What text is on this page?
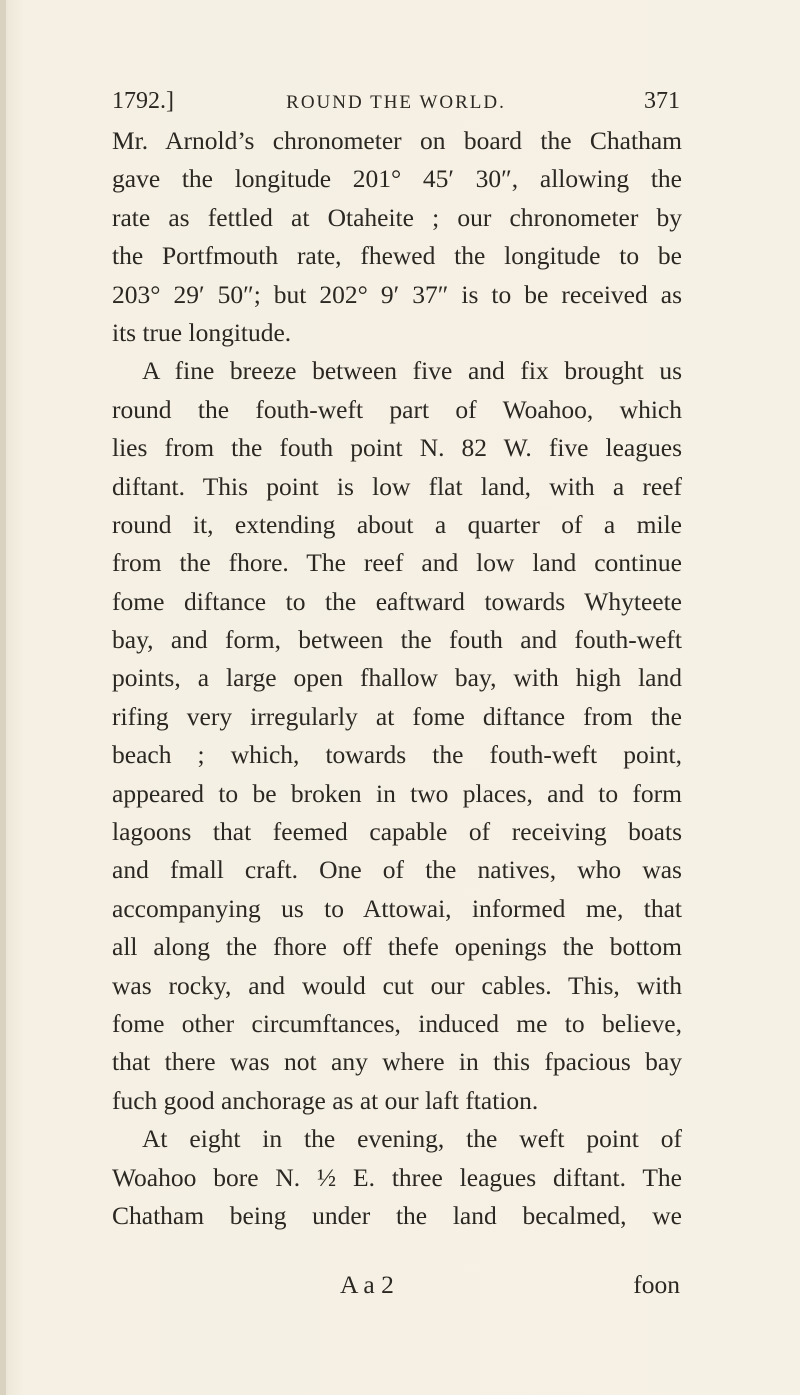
1792.]	ROUND THE WORLD.	371
Mr. Arnold’s chronometer on board the Chatham
gave the longitude 201° 45′ 30″, allowing the
rate as fettled at Otaheite ; our chronometer by
the Portfmouth rate, fhewed the longitude to be
203° 29′ 50″; but 202° 9′ 37″ is to be received as
its true longitude.
A fine breeze between five and fix brought us
round the fouth-weft part of Woahoo, which
lies from the fouth point N. 82 W. five leagues
diftant. This point is low flat land, with a reef
round it, extending about a quarter of a mile
from the fhore. The reef and low land continue
fome diftance to the eaftward towards Whyteete
bay, and form, between the fouth and fouth-weft
points, a large open fhallow bay, with high land
rifing very irregularly at fome diftance from the
beach ; which, towards the fouth-weft point,
appeared to be broken in two places, and to form
lagoons that feemed capable of receiving boats
and fmall craft. One of the natives, who was
accompanying us to Attowai, informed me, that
all along the fhore off thefe openings the bottom
was rocky, and would cut our cables. This, with
fome other circumftances, induced me to believe,
that there was not any where in this fpacious bay
fuch good anchorage as at our laft ftation.
At eight in the evening, the weft point of
Woahoo bore N. ½ E. three leagues diftant. The
Chatham being under the land becalmed, we
A a 2	foon
